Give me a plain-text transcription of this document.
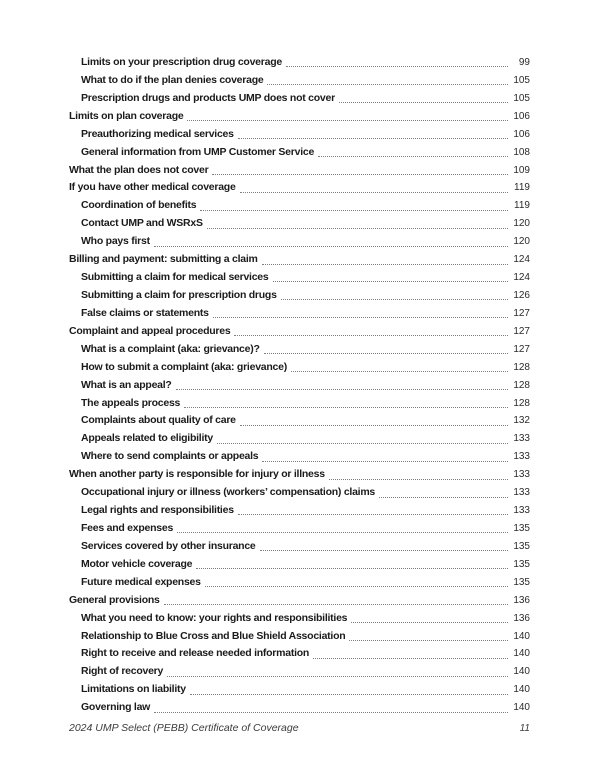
Limits on your prescription drug coverage	99
What to do if the plan denies coverage	105
Prescription drugs and products UMP does not cover	105
Limits on plan coverage	106
Preauthorizing medical services	106
General information from UMP Customer Service	108
What the plan does not cover	109
If you have other medical coverage	119
Coordination of benefits	119
Contact UMP and WSRxS	120
Who pays first	120
Billing and payment: submitting a claim	124
Submitting a claim for medical services	124
Submitting a claim for prescription drugs	126
False claims or statements	127
Complaint and appeal procedures	127
What is a complaint (aka: grievance)?	127
How to submit a complaint (aka: grievance)	128
What is an appeal?	128
The appeals process	128
Complaints about quality of care	132
Appeals related to eligibility	133
Where to send complaints or appeals	133
When another party is responsible for injury or illness	133
Occupational injury or illness (workers’ compensation) claims	133
Legal rights and responsibilities	133
Fees and expenses	135
Services covered by other insurance	135
Motor vehicle coverage	135
Future medical expenses	135
General provisions	136
What you need to know: your rights and responsibilities	136
Relationship to Blue Cross and Blue Shield Association	140
Right to receive and release needed information	140
Right of recovery	140
Limitations on liability	140
Governing law	140
2024 UMP Select (PEBB) Certificate of Coverage	11
